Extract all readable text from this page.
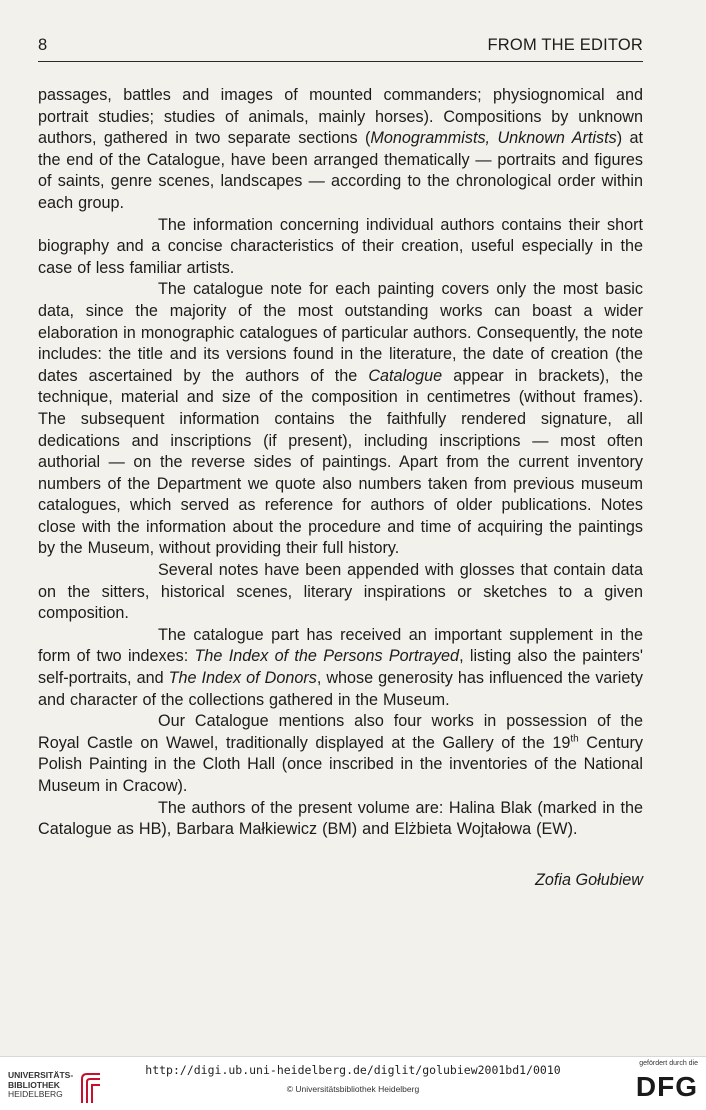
8	FROM THE EDITOR

passages, battles and images of mounted commanders; physiognomical and portrait studies; studies of animals, mainly horses). Compositions by unknown authors, gathered in two separate sections (Monogrammists, Unknown Artists) at the end of the Catalogue, have been arranged thematically — portraits and figures of saints, genre scenes, landscapes — according to the chronological order within each group.

The information concerning individual authors contains their short biography and a concise characteristics of their creation, useful especially in the case of less familiar artists.

The catalogue note for each painting covers only the most basic data, since the majority of the most outstanding works can boast a wider elaboration in monographic catalogues of particular authors. Consequently, the note includes: the title and its versions found in the literature, the date of creation (the dates ascertained by the authors of the Catalogue appear in brackets), the technique, material and size of the composition in centimetres (without frames). The subsequent information contains the faithfully rendered signature, all dedications and inscriptions (if present), including inscriptions — most often authorial — on the reverse sides of paintings. Apart from the current inventory numbers of the Department we quote also numbers taken from previous museum catalogues, which served as reference for authors of older publications. Notes close with the information about the procedure and time of acquiring the paintings by the Museum, without providing their full history.

Several notes have been appended with glosses that contain data on the sitters, historical scenes, literary inspirations or sketches to a given composition.

The catalogue part has received an important supplement in the form of two indexes: The Index of the Persons Portrayed, listing also the painters' self-portraits, and The Index of Donors, whose generosity has influenced the variety and character of the collections gathered in the Museum.

Our Catalogue mentions also four works in possession of the Royal Castle on Wawel, traditionally displayed at the Gallery of the 19th Century Polish Painting in the Cloth Hall (once inscribed in the inventories of the National Museum in Cracow).

The authors of the present volume are: Halina Blak (marked in the Catalogue as HB), Barbara Małkiewicz (BM) and Elżbieta Wojtałowa (EW).

Zofia Gołubiew
UNIVERSITÄTS-
BIBLIOTHEK
HEIDELBERG
http://digi.ub.uni-heidelberg.de/diglit/golubiew2001bd1/0010
© Universitätsbibliothek Heidelberg
gefördert durch die
DFG
